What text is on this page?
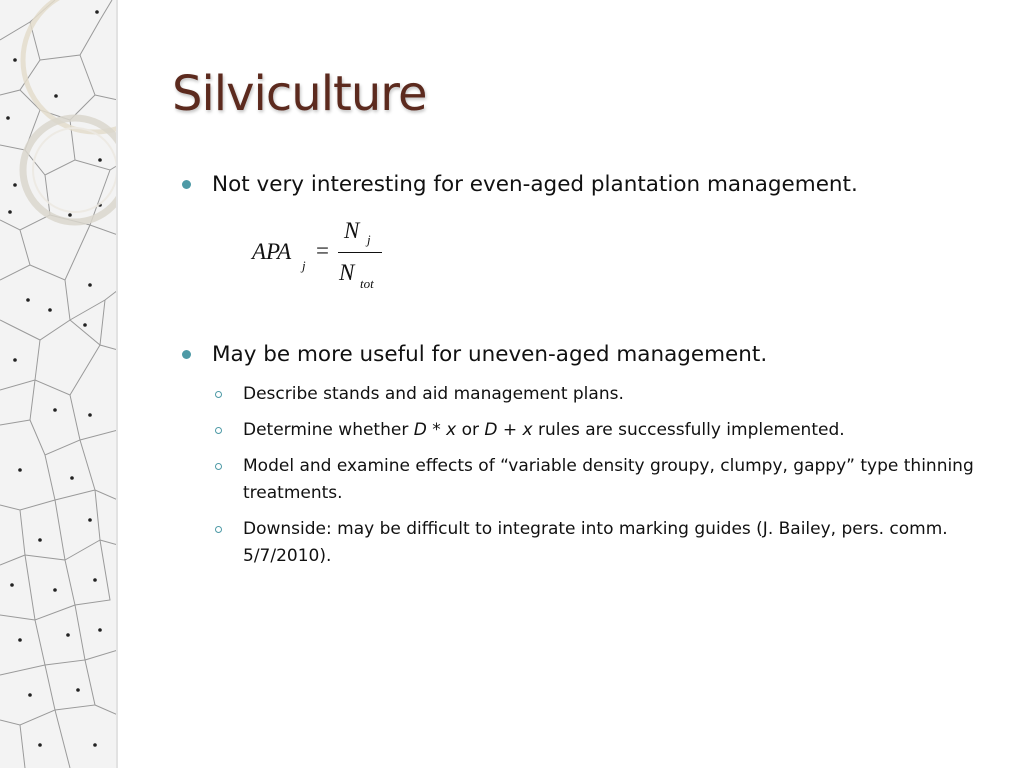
Silviculture
Not very interesting for even-aged plantation management.
APA
j
=
N j
N tot
May be more useful for uneven-aged management.
Describe stands and aid management plans.
Determine whether D * x or D + x rules are successfully implemented.
Model and examine effects of “variable density groupy, clumpy, gappy” type thinning treatments.
Downside: may be difficult to integrate into marking guides (J. Bailey, pers. comm. 5/7/2010).
